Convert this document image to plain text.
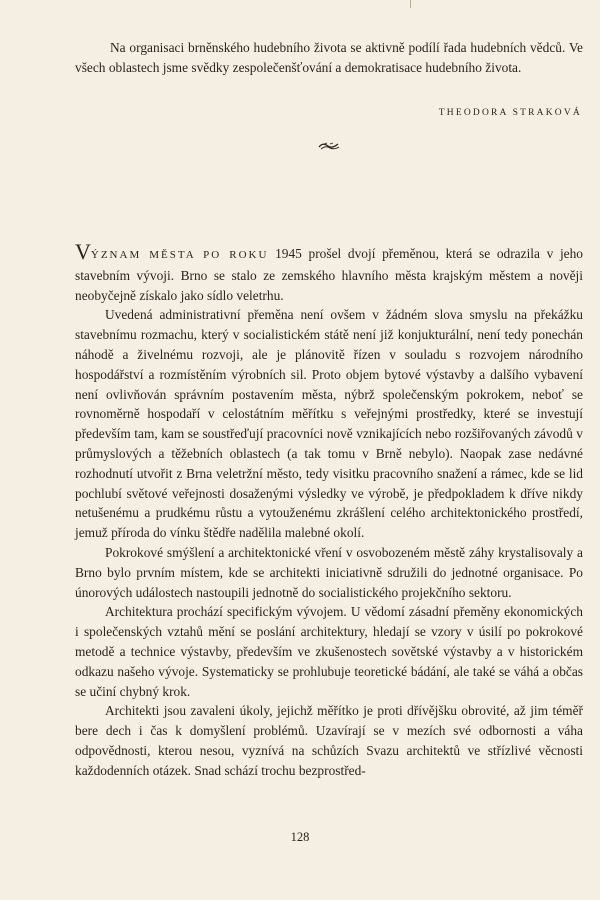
Na organisaci brněnského hudebního života se aktivně podílí řada hudebních vědců. Ve všech oblastech jsme svědky zespolečenšťování a demokratisace hudebního života.

THEODORA STRAKOVÁ

VÝZNAM MĚSTA PO ROKU 1945 prošel dvojí přeměnou, která se odrazila v jeho stavebním vývoji. Brno se stalo ze zemského hlavního města krajským městem a nověji neobyčejně získalo jako sídlo veletrhu.

Uvedená administrativní přeměna není ovšem v žádném slova smyslu na překážku stavebnímu rozmachu, který v socialistickém státě není již konjukturální, není tedy ponechán náhodě a živelnému rozvoji, ale je plánovitě řízen v souladu s rozvojem národního hospodářství a rozmístěním výrobních sil. Proto objem bytové výstavby a dalšího vybavení není ovlivňován správním postavením města, nýbrž společenským pokrokem, neboť se rovnoměrně hospodaří v celostátním měřítku s veřejnými prostředky, které se investují především tam, kam se soustřeďují pracovníci nově vznikajících nebo rozšiřovaných závodů v průmyslových a těžebních oblastech (a tak tomu v Brně nebylo). Naopak zase nedávné rozhodnutí utvořit z Brna veletržní město, tedy visitku pracovního snažení a rámec, kde se lid pochlubí světové veřejnosti dosaženými výsledky ve výrobě, je předpokladem k dříve nikdy netušenému a prudkému růstu a vytouženému zkrášlení celého architektonického prostředí, jemuž příroda do vínku štědře nadělila malebné okolí.

Pokrokové smýšlení a architektonické vření v osvobozeném městě záhy krystalisovaly a Brno bylo prvním místem, kde se architekti iniciativně sdružili do jednotné organisace. Po únorových událostech nastoupili jednotně do socialistického projekčního sektoru.

Architektura prochází specifickým vývojem. U vědomí zásadní přeměny ekonomických i společenských vztahů mění se poslání architektury, hledají se vzory v úsilí po pokrokové metodě a technice výstavby, především ve zkušenostech sovětské výstavby a v historickém odkazu našeho vývoje. Systematicky se prohlubuje teoretické bádání, ale také se váhá a občas se učiní chybný krok.

Architekti jsou zavaleni úkoly, jejichž měřítko je proti dřívějšku obrovité, až jim téměř bere dech i čas k domyšlení problémů. Uzavírají se v mezích své odbornosti a váha odpovědnosti, kterou nesou, vyznívá na schůzích Svazu architektů ve střízlivé věcnosti každodenních otázek. Snad schází trochu bezprostřed-

128
